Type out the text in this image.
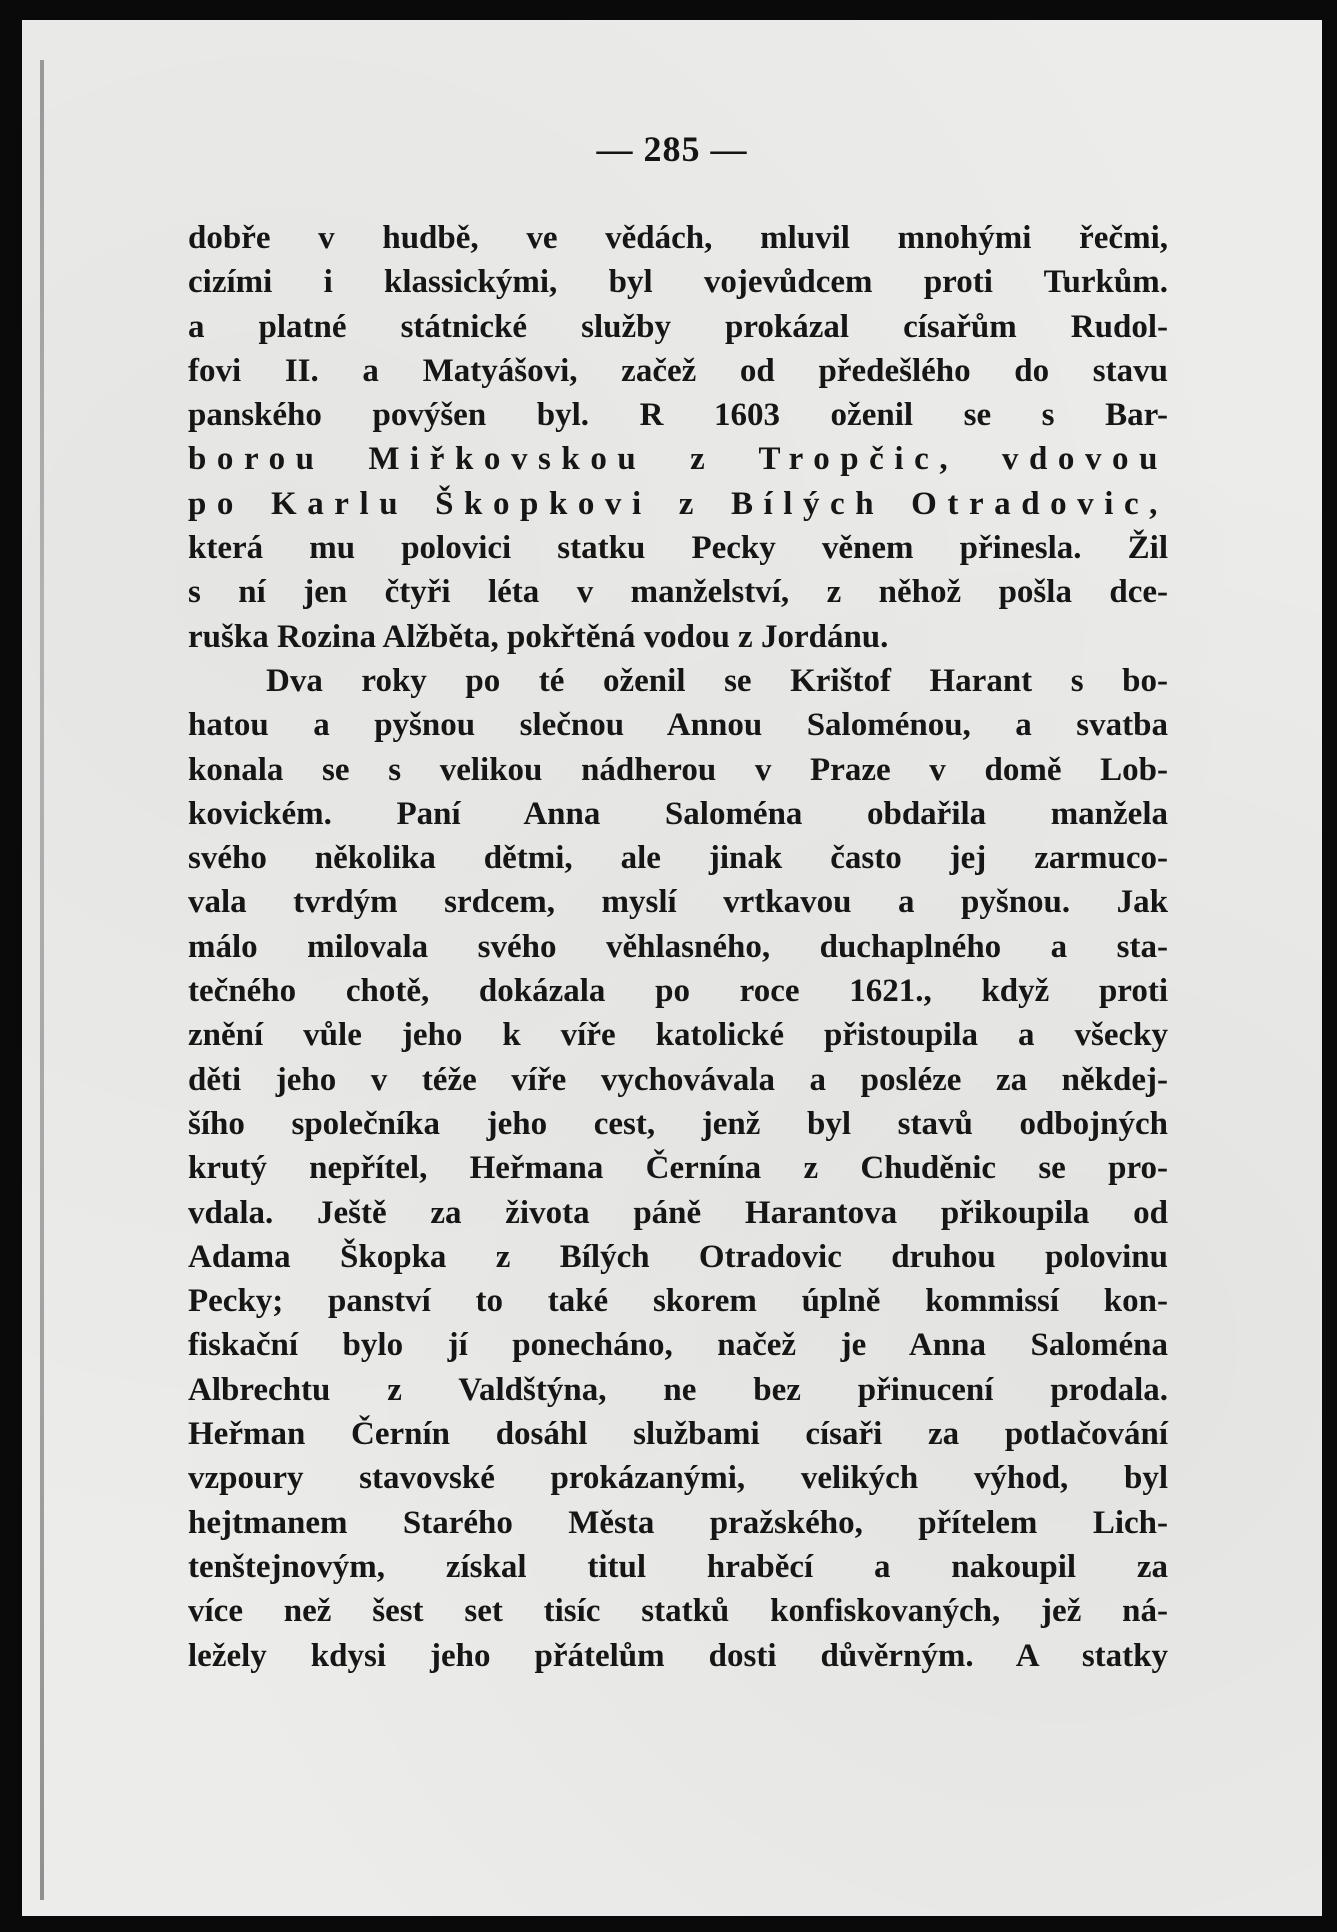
— 285 —
dobře v hudbě, ve vědách, mluvil mnohými řečmi,
cizími i klassickými, byl vojevůdcem proti Turkům.
a platné státnické služby prokázal císařům Rudol-
fovi II. a Matyášovi, začež od předešlého do stavu
panského povýšen byl. R 1603 oženil se s Bar-
borou Miřkovskou z Tropčic, vdovou
po Karlu Škopkovi z Bílých Otradovic,
která mu polovici statku Pecky věnem přinesla. Žil
s ní jen čtyři léta v manželství, z něhož pošla dce-
ruška Rozina Alžběta, pokřtěná vodou z Jordánu.
Dva roky po té oženil se Krištof Harant s bo-
hatou a pyšnou slečnou Annou Saloménou, a svatba
konala se s velikou nádherou v Praze v domě Lob-
kovickém. Paní Anna Saloména obdařila manžela
svého několika dětmi, ale jinak často jej zarmuco-
vala tvrdým srdcem, myslí vrtkavou a pyšnou. Jak
málo milovala svého věhlasného, duchaplného a sta-
tečného chotě, dokázala po roce 1621., když proti
znění vůle jeho k víře katolické přistoupila a všecky
děti jeho v téže víře vychovávala a posléze za někdej-
šího společníka jeho cest, jenž byl stavů odbojných
krutý nepřítel, Heřmana Černína z Chuděnic se pro-
vdala. Ještě za života páně Harantova přikoupila od
Adama Škopka z Bílých Otradovic druhou polovinu
Pecky; panství to také skorem úplně kommissí kon-
fiskační bylo jí ponecháno, načež je Anna Saloména
Albrechtu z Valdštýna, ne bez přinucení prodala.
Heřman Černín dosáhl službami císaři za potlačování
vzpoury stavovské prokázanými, velikých výhod, byl
hejtmanem Starého Města pražského, přítelem Lich-
tenštejnovým, získal titul hraběcí a nakoupil za
více než šest set tisíc statků konfiskovaných, jež ná-
ležely kdysi jeho přátelům dosti důvěrným. A statky
